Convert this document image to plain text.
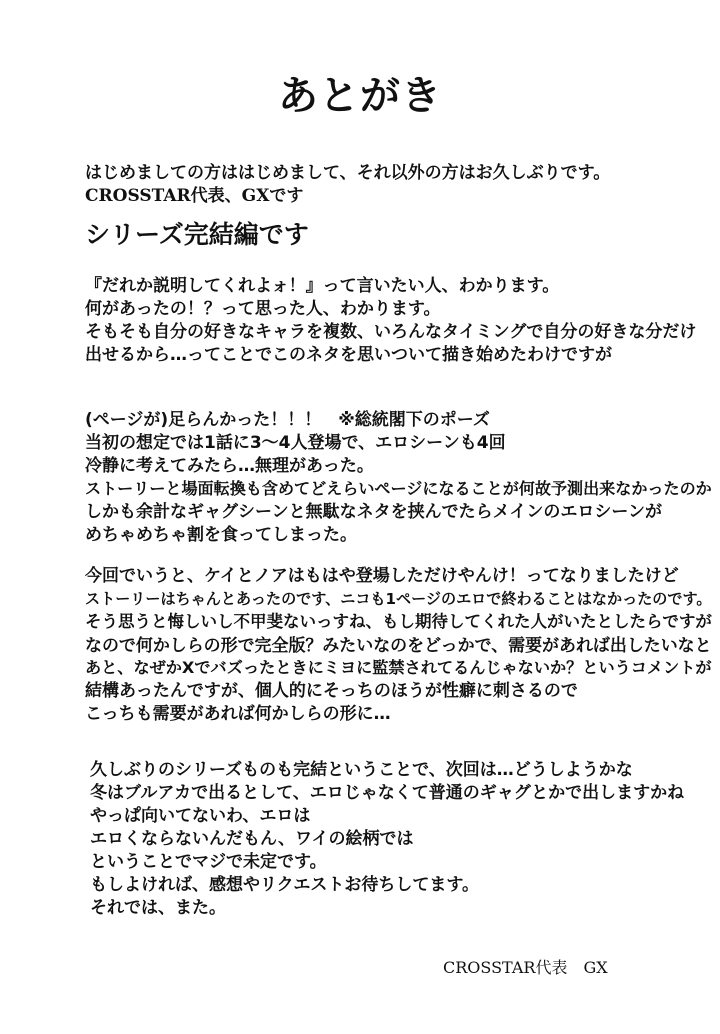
あとがき
はじめましての方ははじめまして、それ以外の方はお久しぶりです。
CROSSTAR代表、GXです
シリーズ完結編です
『だれか説明してくれよォ！』って言いたい人、わかります。
何があったの！？って思った人、わかります。
そもそも自分の好きなキャラを複数、いろんなタイミングで自分の好きな分だけ
出せるから…ってことでこのネタを思いついて描き始めたわけですが
(ページが)足らんかった！！！　※総統閣下のポーズ
当初の想定では1話に3～4人登場で、エロシーンも4回
冷静に考えてみたら…無理があった。
ストーリーと場面転換も含めてどえらいページになることが何故予測出来なかったのか
しかも余計なギャグシーンと無駄なネタを挟んでたらメインのエロシーンが
めちゃめちゃ割を食ってしまった。
今回でいうと、ケイとノアはもはや登場しただけやんけ！ってなりましたけど
ストーリーはちゃんとあったのです、ニコも1ページのエロで終わることはなかったのです。
そう思うと悔しいし不甲斐ないっすね、もし期待してくれた人がいたとしたらですが
なので何かしらの形で完全版？みたいなのをどっかで、需要があれば出したいなと
あと、なぜかXでバズったときにミヨに監禁されてるんじゃないか？というコメントが
結構あったんですが、個人的にそっちのほうが性癖に刺さるので
こっちも需要があれば何かしらの形に…
久しぶりのシリーズものも完結ということで、次回は…どうしようかな
冬はブルアカで出るとして、エロじゃなくて普通のギャグとかで出しますかね
やっぱ向いてないわ、エロは
エロくならないんだもん、ワイの絵柄では
ということでマジで未定です。
もしよければ、感想やリクエストお待ちしてます。
それでは、また。
CROSSTAR代表　GX
